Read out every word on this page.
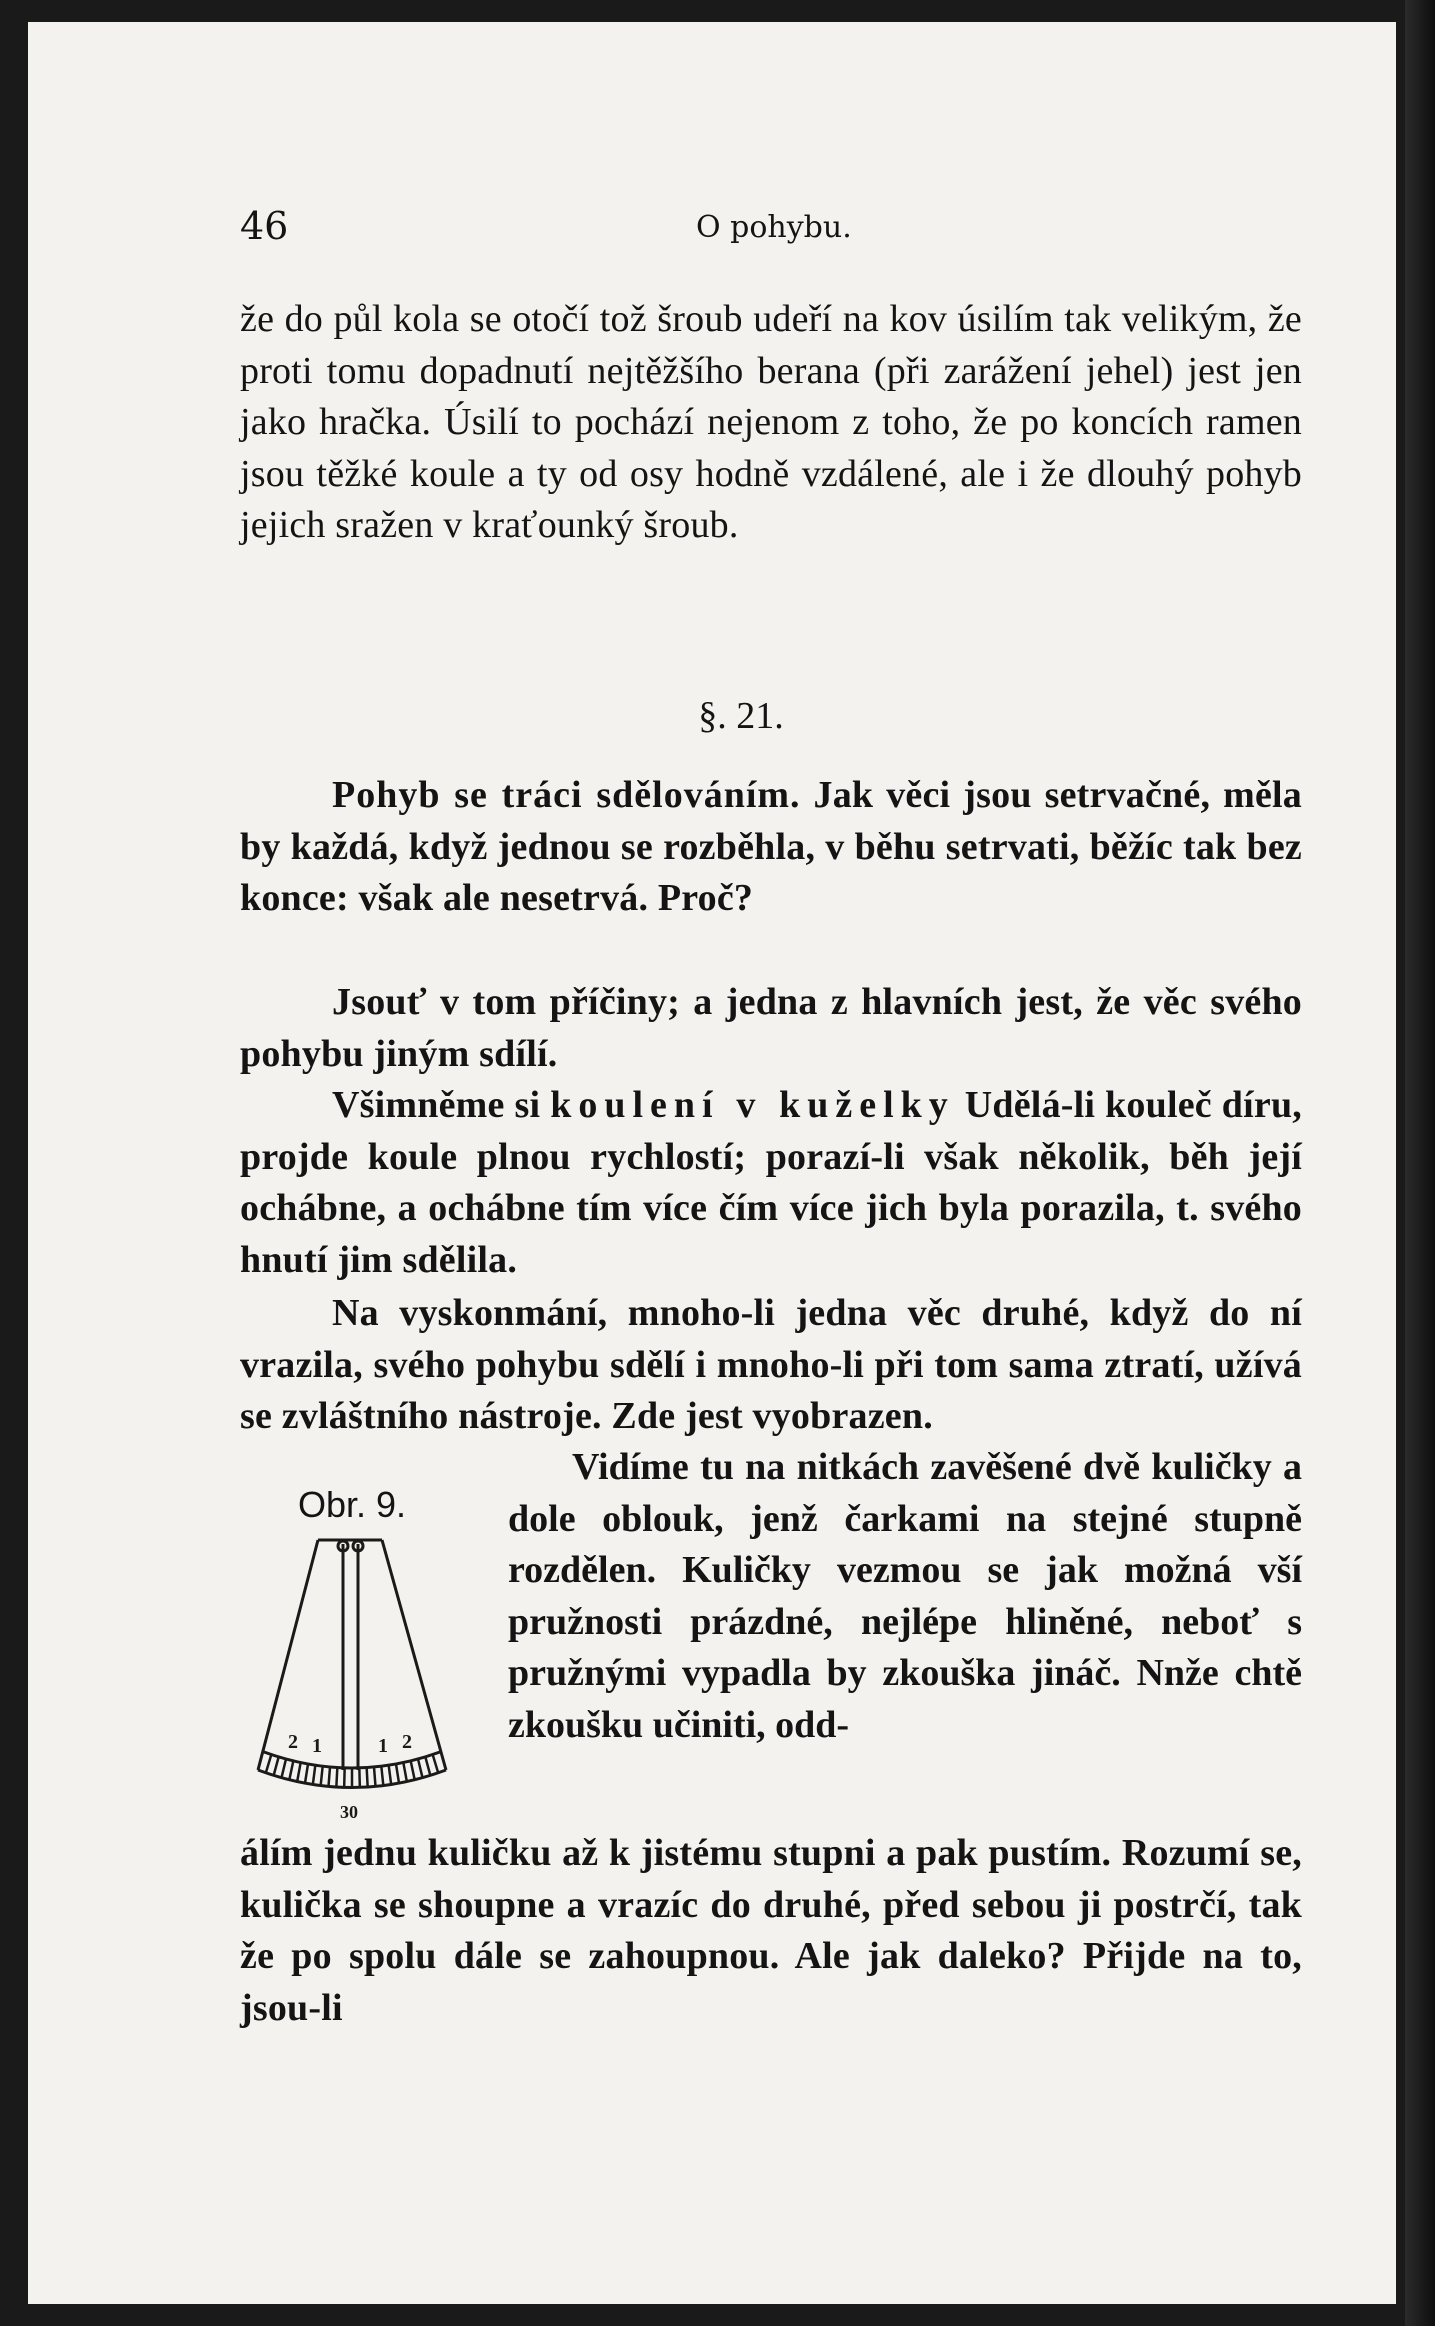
46	O pohybu.
že do půl kola se otočí tož šroub udeří na kov úsilím tak velikým, že proti tomu dopadnutí nejtěžšího berana (při zarážení jehel) jest jen jako hračka. Úsilí to pochází nejenom z toho, že po koncích ramen jsou těžké koule a ty od osy hodně vzdálené, ale i že dlouhý pohyb jejich sražen v kraťounký šroub.
§. 21.
Pohyb se tráci sdělováním. Jak věci jsou setrvačné, měla by každá, když jednou se rozběhla, v běhu setrvati, běžíc tak bez konce: však ale nesetrvá. Proč?
Jsouť v tom příčiny; a jedna z hlavních jest, že věc svého pohybu jiným sdílí.
Všimněme si koulení v kuželky Udělá-li kouleč díru, projde koule plnou rychlostí; porazí-li však několik, běh její ochábne, a ochábne tím více čím více jich byla porazila, t. svého hnutí jim sdělila.
Na vyskonmání, mnoho-li jedna věc druhé, když do ní vrazila, svého pohybu sdělí i mnoho-li při tom sama ztratí, užívá se zvláštního nástroje. Zde jest vyobrazen.
Obr. 9.
2 1	1 2
30
Vidíme tu na nitkách zavěšené dvě kuličky a dole oblouk, jenž čarkami na stejné stupně rozdělen. Kuličky vezmou se jak možná vší pružnosti prázdné, nejlépe hliněné, neboť s pružnými vypadla by zkouška jináč. Nnže chtě zkoušku učiniti, odd-
álím jednu kuličku až k jistému stupni a pak pustím. Rozumí se, kulička se shoupne a vrazíc do druhé, před sebou ji postrčí, tak že po spolu dále se zahoupnou. Ale jak daleko? Přijde na to, jsou-li
